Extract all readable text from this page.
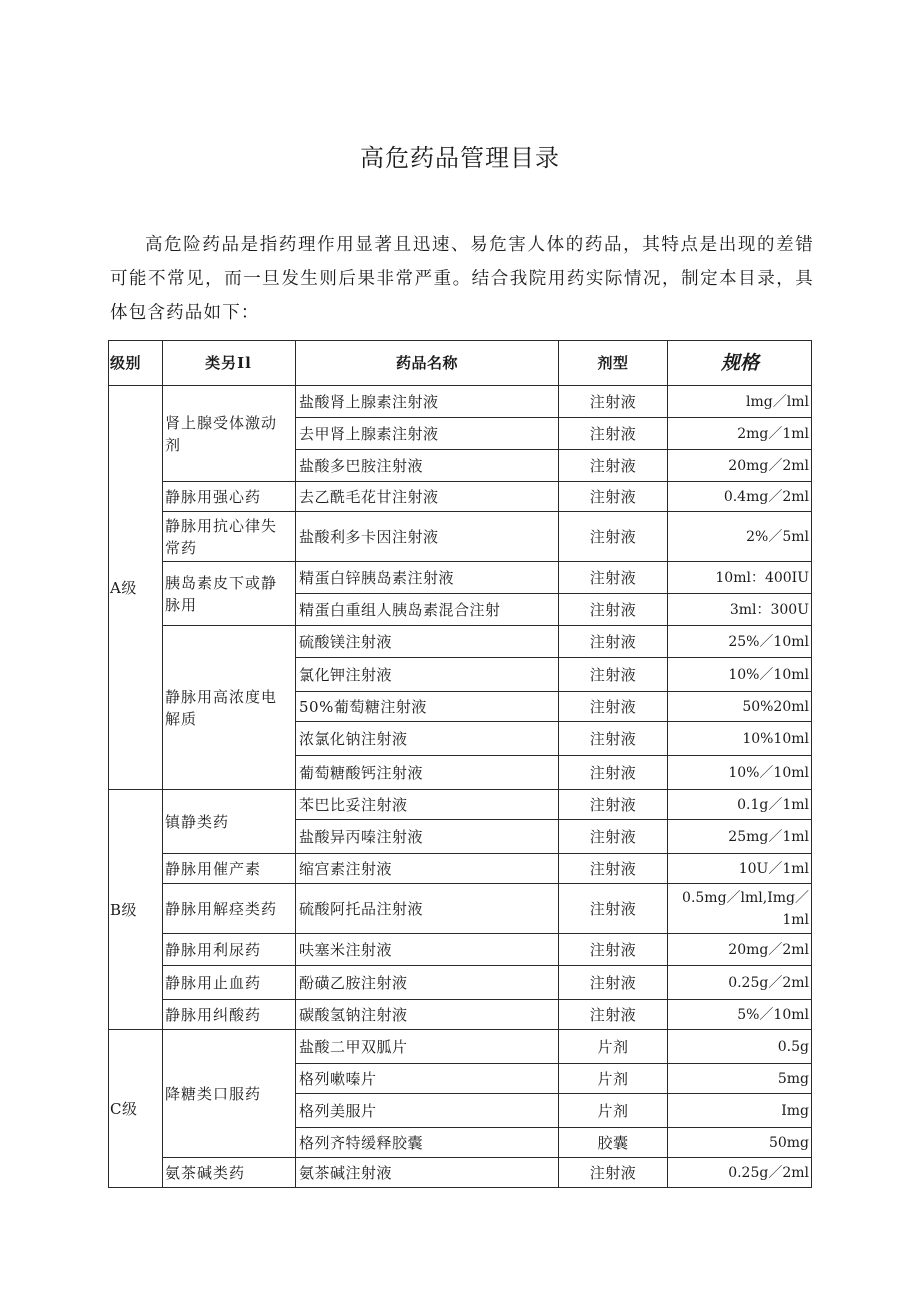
高危药品管理目录

高危险药品是指药理作用显著且迅速、易危害人体的药品，其特点是出现的差错可能不常见，而一旦发生则后果非常严重。结合我院用药实际情况，制定本目录，具体包含药品如下：

级别	类另Il	药品名称	剂型	规格
A级	肾上腺受体激动剂	盐酸肾上腺素注射液	注射液	lmg／lml
		去甲肾上腺素注射液	注射液	2mg／1ml
		盐酸多巴胺注射液	注射液	20mg／2ml
	静脉用强心药	去乙酰毛花甘注射液	注射液	0.4mg／2ml
	静脉用抗心律失常药	盐酸利多卡因注射液	注射液	2%／5ml
	胰岛素皮下或静脉用	精蛋白锌胰岛素注射液	注射液	10ml：400IU
		精蛋白重组人胰岛素混合注射	注射液	3ml：300U
	静脉用高浓度电解质	硫酸镁注射液	注射液	25%／10ml
		氯化钾注射液	注射液	10%／10ml
		50%葡萄糖注射液	注射液	50%20ml
		浓氯化钠注射液	注射液	10%10ml
		葡萄糖酸钙注射液	注射液	10%／10ml
B级	镇静类药	苯巴比妥注射液	注射液	0.1g／1ml
		盐酸异丙嗪注射液	注射液	25mg／1ml
	静脉用催产素	缩宫素注射液	注射液	10U／1ml
	静脉用解痉类药	硫酸阿托品注射液	注射液	0.5mg／lml,Img／1ml
	静脉用利尿药	呋塞米注射液	注射液	20mg／2ml
	静脉用止血药	酚磺乙胺注射液	注射液	0.25g／2ml
	静脉用纠酸药	碳酸氢钠注射液	注射液	5%／10ml
C级	降糖类口服药	盐酸二甲双胍片	片剂	0.5g
		格列嗽嗪片	片剂	5mg
		格列美服片	片剂	Img
		格列齐特缓释胶囊	胶囊	50mg
	氨茶碱类药	氨茶碱注射液	注射液	0.25g／2ml
